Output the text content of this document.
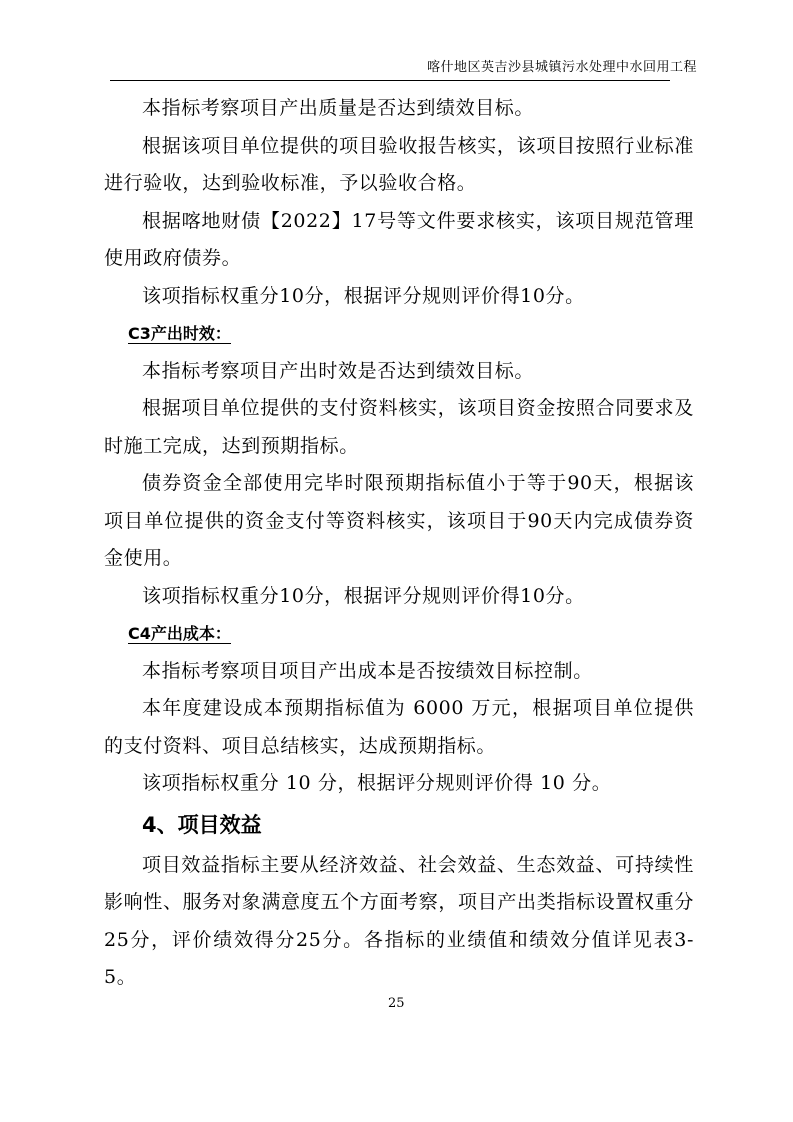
喀什地区英吉沙县城镇污水处理中水回用工程

本指标考察项目产出质量是否达到绩效目标。

根据该项目单位提供的项目验收报告核实，该项目按照行业标准进行验收，达到验收标准，予以验收合格。

根据喀地财债【2022】17号等文件要求核实，该项目规范管理使用政府债券。

该项指标权重分10分，根据评分规则评价得10分。

C3产出时效：

本指标考察项目产出时效是否达到绩效目标。

根据项目单位提供的支付资料核实，该项目资金按照合同要求及时施工完成，达到预期指标。

债券资金全部使用完毕时限预期指标值小于等于90天，根据该项目单位提供的资金支付等资料核实，该项目于90天内完成债券资金使用。

该项指标权重分10分，根据评分规则评价得10分。

C4产出成本：

本指标考察项目项目产出成本是否按绩效目标控制。

本年度建设成本预期指标值为 6000 万元，根据项目单位提供的支付资料、项目总结核实，达成预期指标。

该项指标权重分 10 分，根据评分规则评价得 10 分。

4、项目效益

项目效益指标主要从经济效益、社会效益、生态效益、可持续性影响性、服务对象满意度五个方面考察，项目产出类指标设置权重分25分，评价绩效得分25分。各指标的业绩值和绩效分值详见表3-5。

25
